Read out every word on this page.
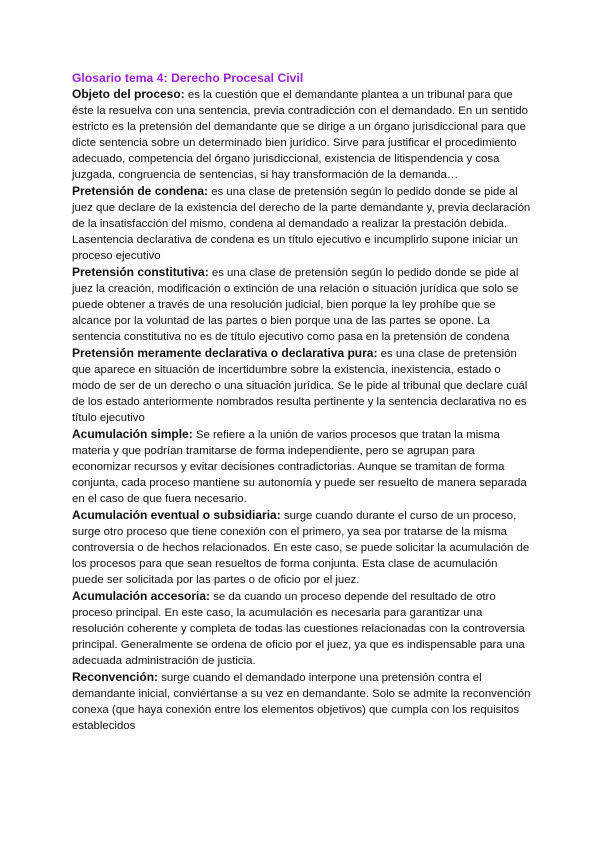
Glosario tema 4: Derecho Procesal Civil

Objeto del proceso: es la cuestión que el demandante plantea a un tribunal para que éste la resuelva con una sentencia, previa contradicción con el demandado. En un sentido estricto es la pretensión del demandante que se dirige a un órgano jurisdiccional para que dicte sentencia sobre un determinado bien jurídico. Sirve para justificar el procedimiento adecuado, competencia del órgano jurisdiccional, existencia de litispendencia y cosa juzgada, congruencia de sentencias, si hay transformación de la demanda…

Pretensión de condena: es una clase de pretensión según lo pedido donde se pide al juez que declare de la existencia del derecho de la parte demandante y, previa declaración de la insatisfacción del mismo, condena al demandado a realizar la prestación debida. Lasentencia declarativa de condena es un título ejecutivo e incumplirlo supone iniciar un proceso ejecutivo

Pretensión constitutiva: es una clase de pretensión según lo pedido donde se pide al juez la creación, modificación o extinción de una relación o situación jurídica que solo se puede obtener a través de una resolución judicial, bien porque la ley prohíbe que se alcance por la voluntad de las partes o bien porque una de las partes se opone. La sentencia constitutiva no es de título ejecutivo como pasa en la pretensión de condena

Pretensión meramente declarativa o declarativa pura: es una clase de pretensión que aparece en situación de incertidumbre sobre la existencia, inexistencia, estado o modo de ser de un derecho o una situación jurídica. Se le pide al tribunal que declare cuál de los estado anteriormente nombrados resulta pertinente y la sentencia declarativa no es título ejecutivo

Acumulación simple: Se refiere a la unión de varios procesos que tratan la misma materia y que podrían tramitarse de forma independiente, pero se agrupan para economizar recursos y evitar decisiones contradictorias. Aunque se tramitan de forma conjunta, cada proceso mantiene su autonomía y puede ser resuelto de manera separada en el caso de que fuera necesario.

Acumulación eventual o subsidiaria: surge cuando durante el curso de un proceso, surge otro proceso que tiene conexión con el primero, ya sea por tratarse de la misma controversia o de hechos relacionados. En este caso, se puede solicitar la acumulación de los procesos para que sean resueltos de forma conjunta. Esta clase de acumulación puede ser solicitada por las partes o de oficio por el juez.

Acumulación accesoria: se da cuando un proceso depende del resultado de otro proceso principal. En este caso, la acumulación es necesaria para garantizar una resolución coherente y completa de todas las cuestiones relacionadas con la controversia principal. Generalmente se ordena de oficio por el juez, ya que es indispensable para una adecuada administración de justicia.

Reconvención: surge cuando el demandado interpone una pretensión contra el demandante inicial, conviértanse a su vez en demandante. Solo se admite la reconvención conexa (que haya conexión entre los elementos objetivos) que cumpla con los requisitos establecidos
